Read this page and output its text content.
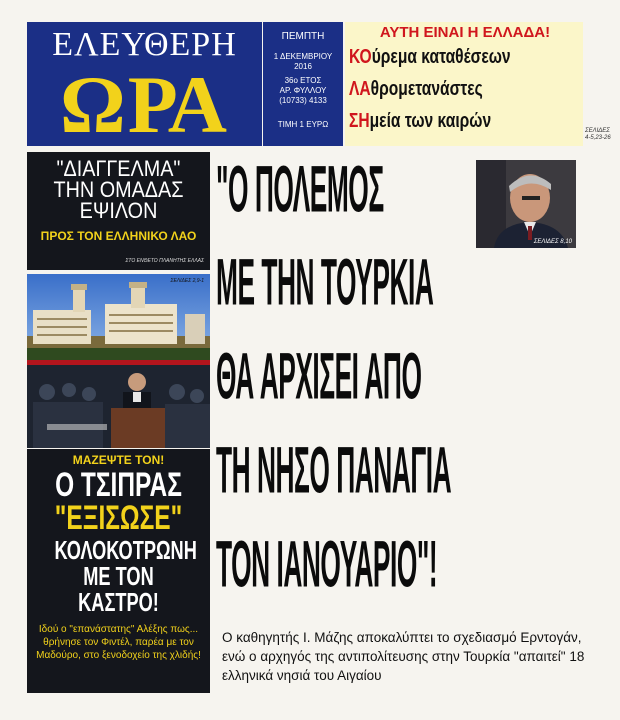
ΕΛΕΥΘΕΡΗ
ΩΡΑ
ΠΕΜΠΤΗ
1 ΔΕΚΕΜΒΡΙΟΥ
2016
36ο ΕΤΟΣ
ΑΡ. ΦΥΛΛΟΥ
(10733) 4133
ΤΙΜΗ 1 ΕΥΡΩ
ΑΥΤΗ ΕΙΝΑΙ Η ΕΛΛΑΔΑ!
ΚΟύρεμα καταθέσεων
ΛΑθρομετανάστες
ΣΗμεία των καιρών	ΣΕΛΙΔΕΣ
4-5,23-26
"ΔΙΑΓΓΕΛΜΑ"
ΤΗΝ ΟΜΑΔΑΣ
ΕΨΙΛΟΝ
ΠΡΟΣ ΤΟΝ ΕΛΛΗΝΙΚΟ ΛΑΟ
ΣΤΟ ΕΝΘΕΤΟ ΠΛΑΝΗΤΗΣ ΕΛΛΑΣ
ΣΕΛΙΔΕΣ 2,9-1
ΜΑΖΕΨΤΕ ΤΟΝ!
Ο ΤΣΙΠΡΑΣ
"ΕΞΙΣΩΣΕ"
ΚΟΛΟΚΟΤΡΩΝΗ
ΜΕ ΤΟΝ ΚΑΣΤΡΟ!
Ιδού ο "επανάστατης" Αλέξης πως... θρήνησε τον Φιντέλ, παρέα με τον Μαδούρο, στο ξενοδοχείο της χλιδής!
"Ο ΠΟΛΕΜΟΣ
ΜΕ ΤΗΝ ΤΟΥΡΚΙΑ
ΘΑ ΑΡΧΙΣΕΙ ΑΠΟ
ΤΗ ΝΗΣΟ ΠΑΝΑΓΙΑ
ΤΟΝ ΙΑΝΟΥΑΡΙΟ"!
ΣΕΛΙΔΕΣ 8,10
Ο καθηγητής Ι. Μάζης αποκαλύπτει το σχεδιασμό Ερντογάν, ενώ ο αρχηγός της αντιπολίτευσης στην Τουρκία "απαιτεί" 18 ελληνικά νησιά του Αιγαίου
